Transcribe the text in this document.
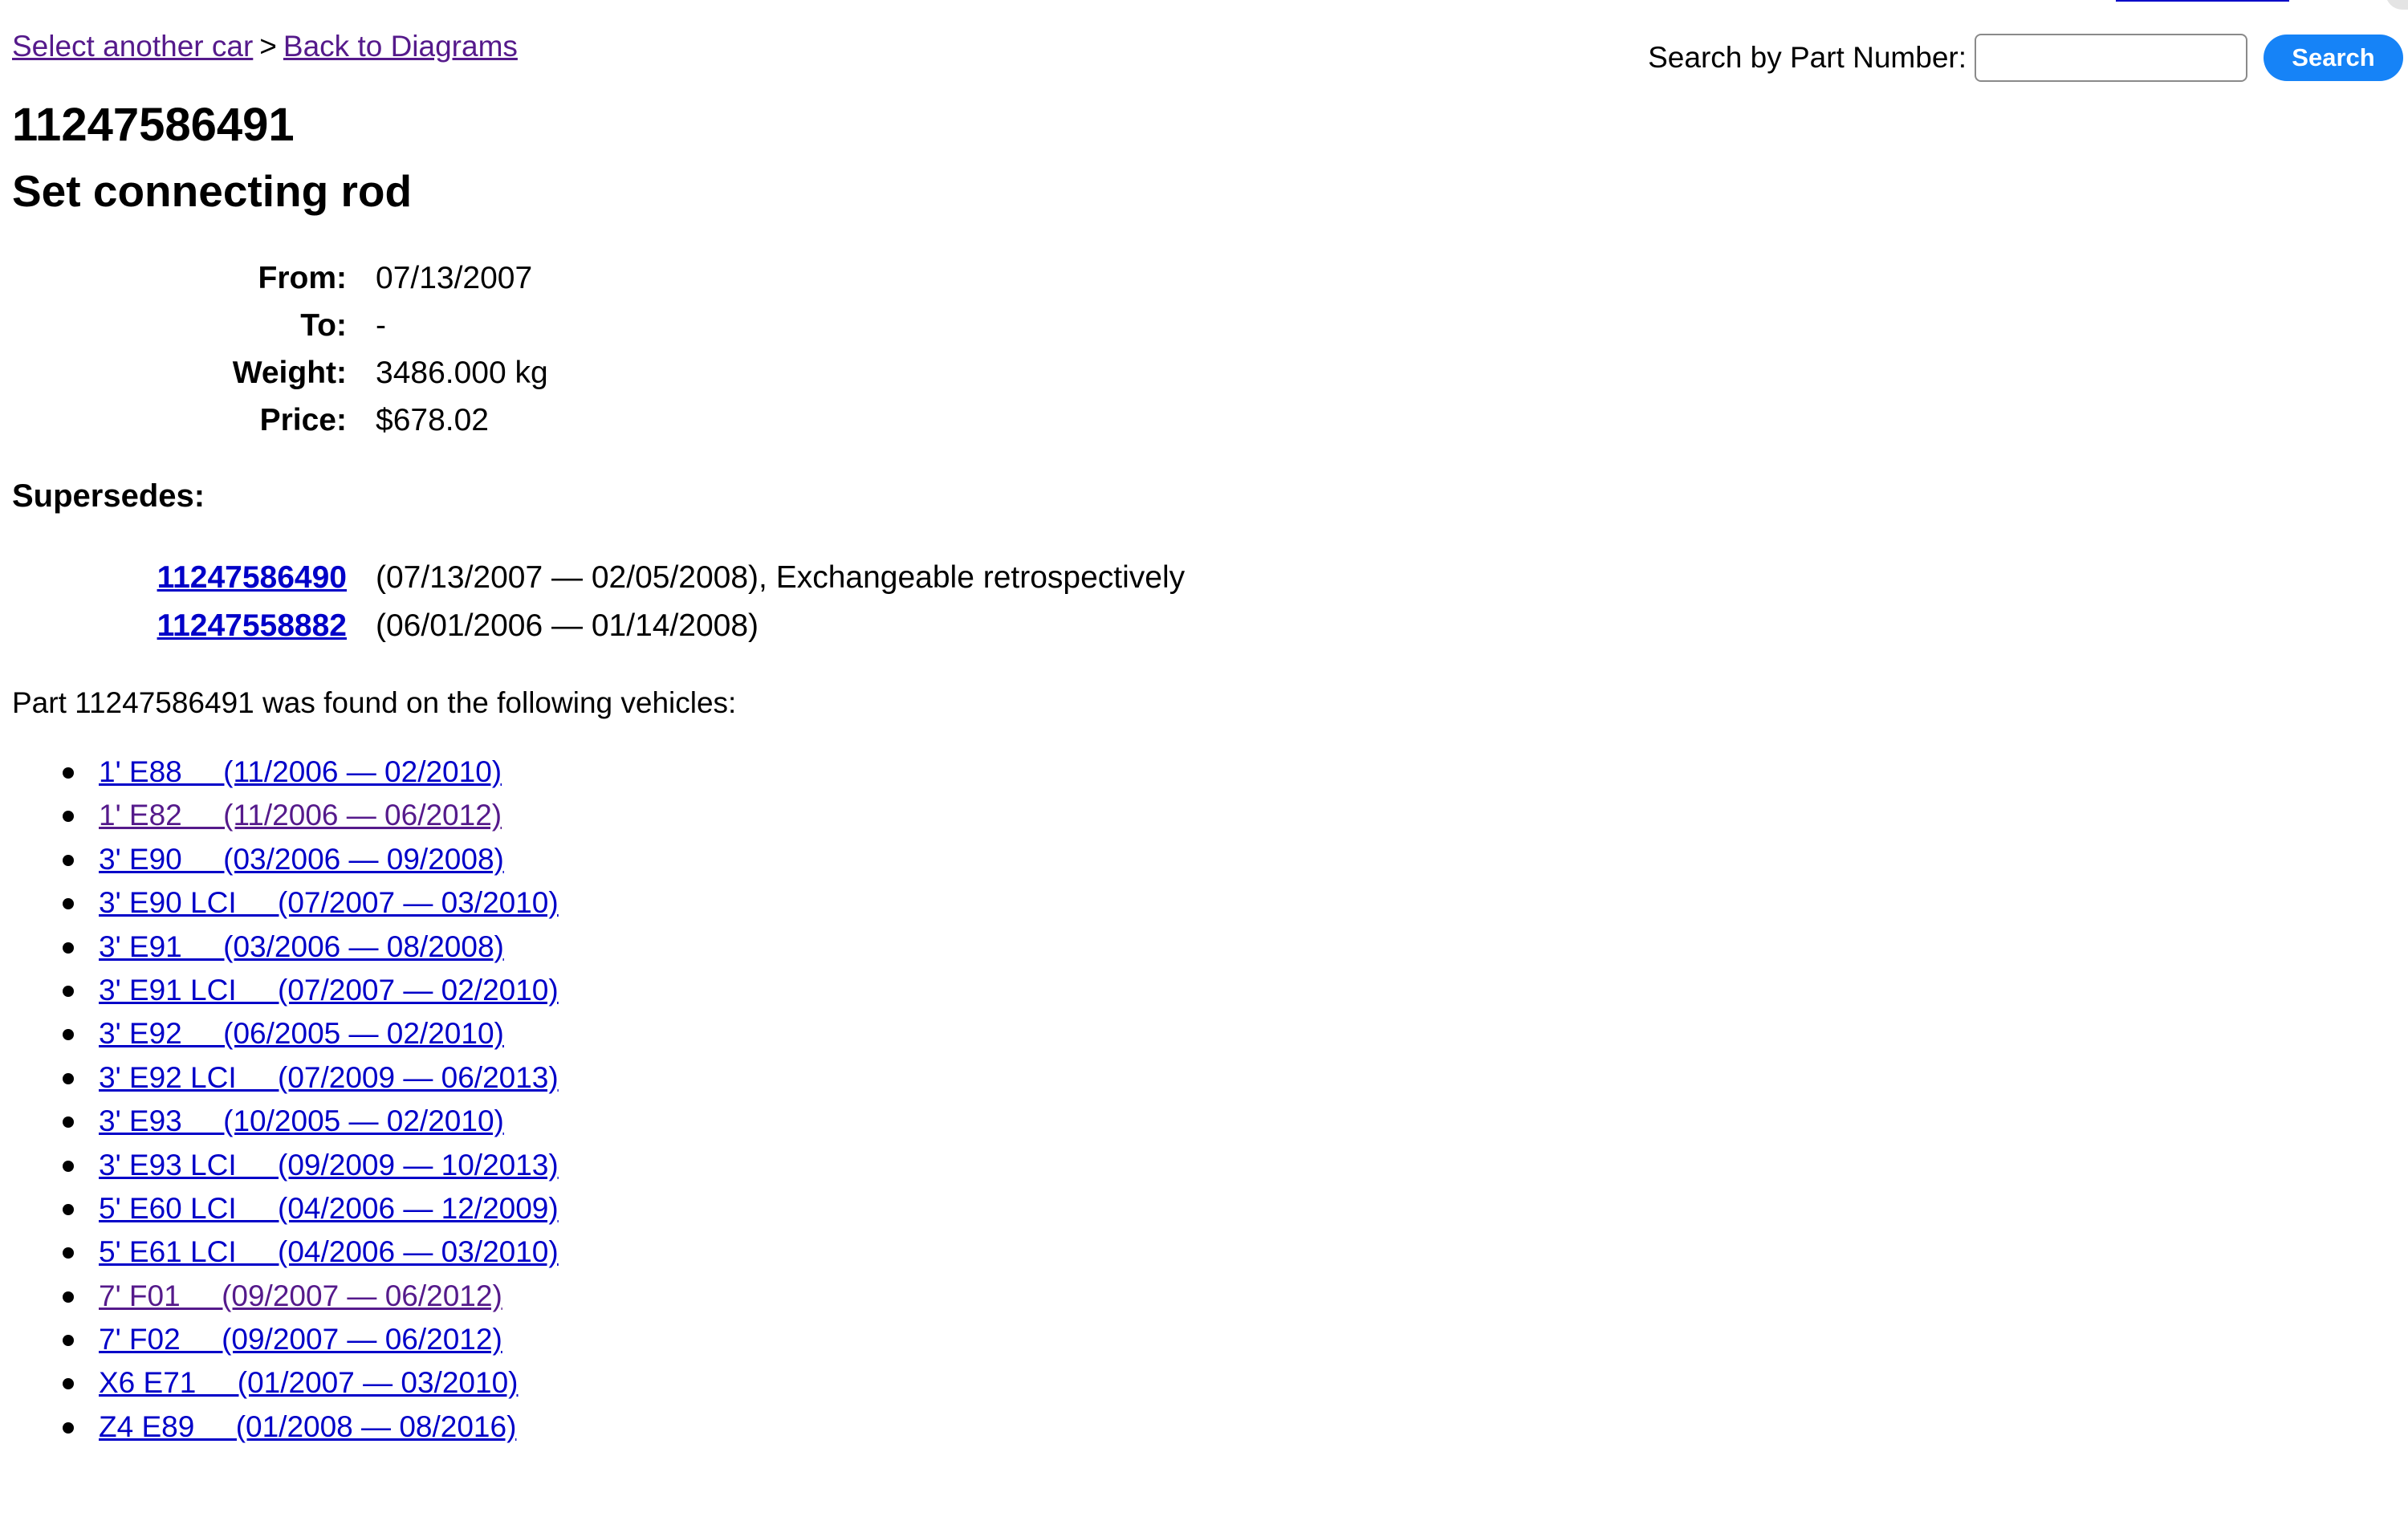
Select another car > Back to Diagrams	Search by Part Number:	Search
11247586491
Set connecting rod
From: 07/13/2007
To: -
Weight: 3486.000 kg
Price: $678.02
Supersedes:
11247586490 (07/13/2007 — 02/05/2008), Exchangeable retrospectively
11247558882 (06/01/2006 — 01/14/2008)
Part 11247586491 was found on the following vehicles:
1' E88     (11/2006 — 02/2010)
1' E82     (11/2006 — 06/2012)
3' E90     (03/2006 — 09/2008)
3' E90 LCI     (07/2007 — 03/2010)
3' E91     (03/2006 — 08/2008)
3' E91 LCI     (07/2007 — 02/2010)
3' E92     (06/2005 — 02/2010)
3' E92 LCI     (07/2009 — 06/2013)
3' E93     (10/2005 — 02/2010)
3' E93 LCI     (09/2009 — 10/2013)
5' E60 LCI     (04/2006 — 12/2009)
5' E61 LCI     (04/2006 — 03/2010)
7' F01     (09/2007 — 06/2012)
7' F02     (09/2007 — 06/2012)
X6 E71     (01/2007 — 03/2010)
Z4 E89     (01/2008 — 08/2016)
